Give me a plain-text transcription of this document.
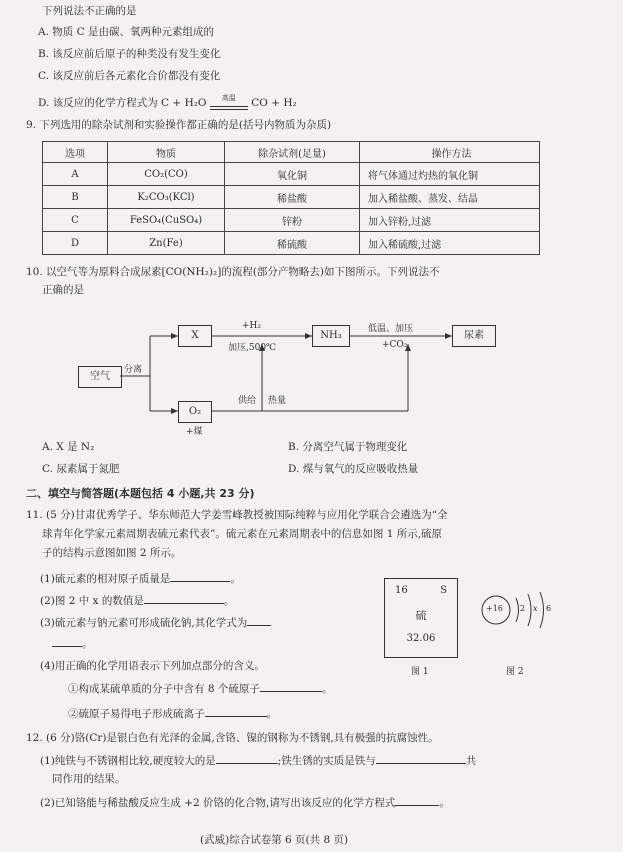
下列说法不正确的是
A. 物质 C 是由碳、氧两种元素组成的
B. 该反应前后原子的种类没有发生变化
C. 该反应前后各元素化合价都没有变化
D. 该反应的化学方程式为 C + H₂O	高温	CO + H₂
9. 下列选用的除杂试剂和实验操作都正确的是(括号内物质为杂质)
选项	物质	除杂试剂(足量)	操作方法
A	CO₂(CO)	氧化铜	将气体通过灼热的氧化铜
B	K₂CO₃(KCl)	稀盐酸	加入稀盐酸、蒸发、结晶
C	FeSO₄(CuSO₄)	锌粉	加入锌粉,过滤
D	Zn(Fe)	稀硫酸	加入稀硫酸,过滤
10. 以空气等为原料合成尿素[CO(NH₂)₂]的流程(部分产物略去)如下图所示。下列说法不
正确的是
空气
分离
X
+H₂
加压,500℃
NH₃
低温、加压
+CO₂
尿素
O₂
+煤
供给 热量
A. X 是 N₂	B. 分离空气属于物理变化
C. 尿素属于氮肥	D. 煤与氧气的反应吸收热量
二、填空与简答题(本题包括 4 小题,共 23 分)
11. (5 分)甘肃优秀学子、华东师范大学姜雪峰教授被国际纯粹与应用化学联合会遴选为“全
球青年化学家元素周期表硫元素代表”。硫元素在元素周期表中的信息如图 1 所示,硫原
子的结构示意图如图 2 所示。
(1)硫元素的相对原子质量是	。
(2)图 2 中 x 的数值是	。
(3)硫元素与钠元素可形成硫化钠,其化学式为
。
(4)用正确的化学用语表示下列加点部分的含义。
①构成某硫单质的分子中含有 8 个硫原子	。
②硫原子易得电子形成硫离子	。
16	S
硫
32.06
图 1
+16 2 x 6
图 2
12. (6 分)铬(Cr)是银白色有光泽的金属,含铬、镍的钢称为不锈钢,具有极强的抗腐蚀性。
(1)纯铁与不锈钢相比较,硬度较大的是	;铁生锈的实质是铁与	共
同作用的结果。
(2)已知铬能与稀盐酸反应生成 +2 价铬的化合物,请写出该反应的化学方程式	。
(武威)综合试卷第 6 页(共 8 页)
